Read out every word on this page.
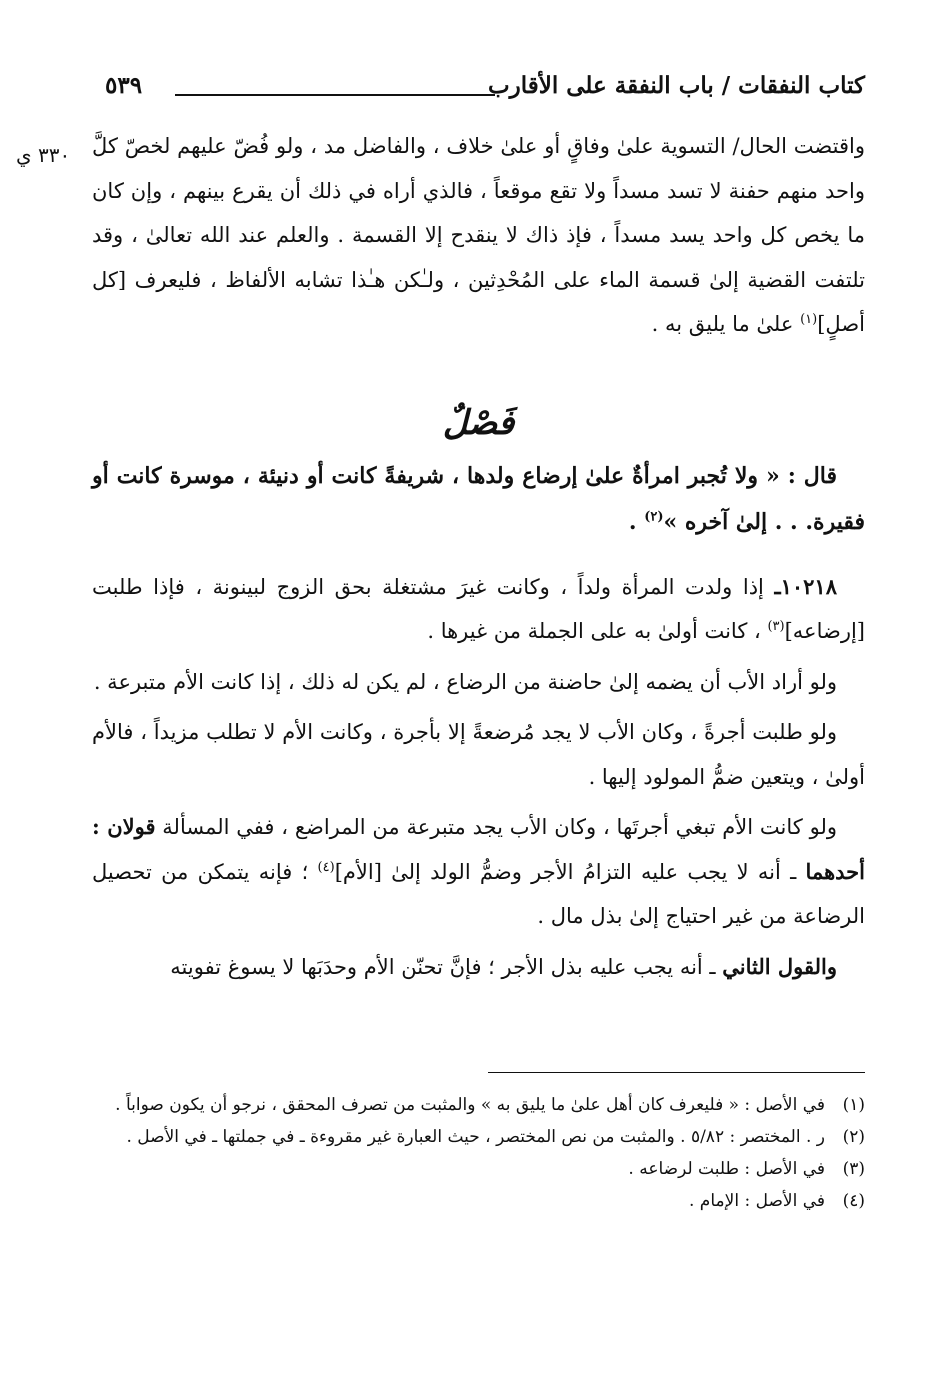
كتاب النفقات / باب النفقة على الأقارب
٥٣٩
٣٣٠ ي واقتضت الحال/ التسوية علىٰ وفاقٍ أو علىٰ خلاف ، والفاضل مد ، ولو فُضّ عليهم لخصّ كلَّ واحد منهم حفنة لا تسد مسداً ولا تقع موقعاً ، فالذي أراه في ذلك أن يقرع بينهم ، وإن كان ما يخص كل واحد يسد مسداً ، فإذ ذاك لا ينقدح إلا القسمة . والعلم عند الله تعالىٰ ، وقد تلتفت القضية إلىٰ قسمة الماء على المُحْدِثين ، ولـٰكن هـٰذا تشابه الألفاظ ، فليعرف [كل أصلٍ]$^{(١)}$ علىٰ ما يليق به .

فَصْلٌ

قال : « ولا تُجبر امرأةٌ علىٰ إرضاع ولدها ، شريفةً كانت أو دنيئة ، موسرة كانت أو فقيرة. . . إلىٰ آخره »$^{(٢)}$ .

١٠٢١٨ـ إذا ولدت المرأة ولداً ، وكانت غيرَ مشتغلة بحق الزوج لبينونة ، فإذا طلبت [إرضاعه]$^{(٣)}$ ، كانت أولىٰ به على الجملة من غيرها .

ولو أراد الأب أن يضمه إلىٰ حاضنة من الرضاع ، لم يكن له ذلك ، إذا كانت الأم متبرعة .

ولو طلبت أجرةً ، وكان الأب لا يجد مُرضعةً إلا بأجرة ، وكانت الأم لا تطلب مزيداً ، فالأم أولىٰ ، ويتعين ضمُّ المولود إليها .

ولو كانت الأم تبغي أجرتَها ، وكان الأب يجد متبرعة من المراضع ، ففي المسألة قولان : أحدهما ـ أنه لا يجب عليه التزامُ الأجر وضمُّ الولد إلىٰ [الأم]$^{(٤)}$ ؛ فإنه يتمكن من تحصيل الرضاعة من غير احتياج إلىٰ بذل مال .

والقول الثاني ـ أنه يجب عليه بذل الأجر ؛ فإنَّ تحنّن الأم وحدَبَها لا يسوغ تفويته

(١)
في الأصل : « فليعرف كان أهل علىٰ ما يليق به » والمثبت من تصرف المحقق ، نرجو أن يكون صواباً .
(٢)
ر . المختصر : ٥/٨٢ . والمثبت من نص المختصر ، حيث العبارة غير مقروءة ـ في جملتها ـ في الأصل .
(٣)
في الأصل : طلبت لرضاعه .
(٤)
في الأصل : الإمام .
